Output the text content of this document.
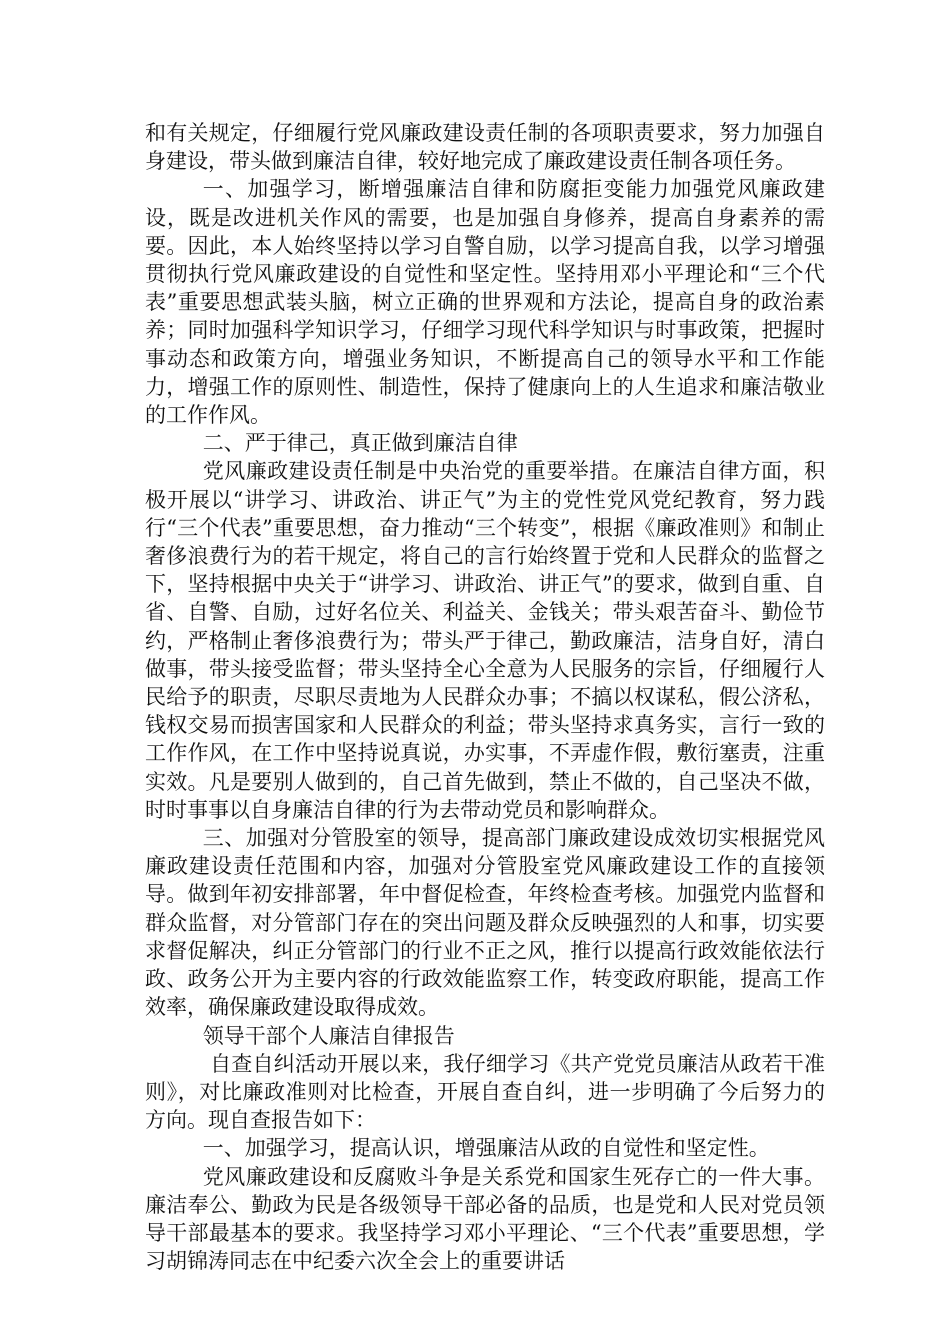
和有关规定，仔细履行党风廉政建设责任制的各项职责要求，努力加强自身建设，带头做到廉洁自律，较好地完成了廉政建设责任制各项任务。

一、加强学习，断增强廉洁自律和防腐拒变能力加强党风廉政建设，既是改进机关作风的需要，也是加强自身修养，提高自身素养的需要。因此，本人始终坚持以学习自警自励，以学习提高自我，以学习增强贯彻执行党风廉政建设的自觉性和坚定性。坚持用邓小平理论和“三个代表”重要思想武装头脑，树立正确的世界观和方法论，提高自身的政治素养；同时加强科学知识学习，仔细学习现代科学知识与时事政策，把握时事动态和政策方向，增强业务知识，不断提高自己的领导水平和工作能力，增强工作的原则性、制造性，保持了健康向上的人生追求和廉洁敬业的工作作风。

二、严于律己，真正做到廉洁自律

党风廉政建设责任制是中央治党的重要举措。在廉洁自律方面，积极开展以“讲学习、讲政治、讲正气”为主的党性党风党纪教育，努力践行“三个代表”重要思想，奋力推动“三个转变”，根据《廉政准则》和制止奢侈浪费行为的若干规定，将自己的言行始终置于党和人民群众的监督之下，坚持根据中央关于“讲学习、讲政治、讲正气”的要求，做到自重、自省、自警、自励，过好名位关、利益关、金钱关；带头艰苦奋斗、勤俭节约，严格制止奢侈浪费行为；带头严于律己，勤政廉洁，洁身自好，清白做事，带头接受监督；带头坚持全心全意为人民服务的宗旨，仔细履行人民给予的职责，尽职尽责地为人民群众办事；不搞以权谋私，假公济私，钱权交易而损害国家和人民群众的利益；带头坚持求真务实，言行一致的工作作风，在工作中坚持说真说，办实事，不弄虚作假，敷衍塞责，注重实效。凡是要别人做到的，自己首先做到，禁止不做的，自己坚决不做，时时事事以自身廉洁自律的行为去带动党员和影响群众。

三、加强对分管股室的领导，提高部门廉政建设成效切实根据党风廉政建设责任范围和内容，加强对分管股室党风廉政建设工作的直接领导。做到年初安排部署，年中督促检查，年终检查考核。加强党内监督和群众监督，对分管部门存在的突出问题及群众反映强烈的人和事，切实要求督促解决，纠正分管部门的行业不正之风，推行以提高行政效能依法行政、政务公开为主要内容的行政效能监察工作，转变政府职能，提高工作效率，确保廉政建设取得成效。

领导干部个人廉洁自律报告

自查自纠活动开展以来，我仔细学习《共产党党员廉洁从政若干准则》，对比廉政准则对比检查，开展自查自纠，进一步明确了今后努力的方向。现自查报告如下：

一、加强学习，提高认识，增强廉洁从政的自觉性和坚定性。

党风廉政建设和反腐败斗争是关系党和国家生死存亡的一件大事。廉洁奉公、勤政为民是各级领导干部必备的品质，也是党和人民对党员领导干部最基本的要求。我坚持学习邓小平理论、“三个代表”重要思想，学习胡锦涛同志在中纪委六次全会上的重要讲话
